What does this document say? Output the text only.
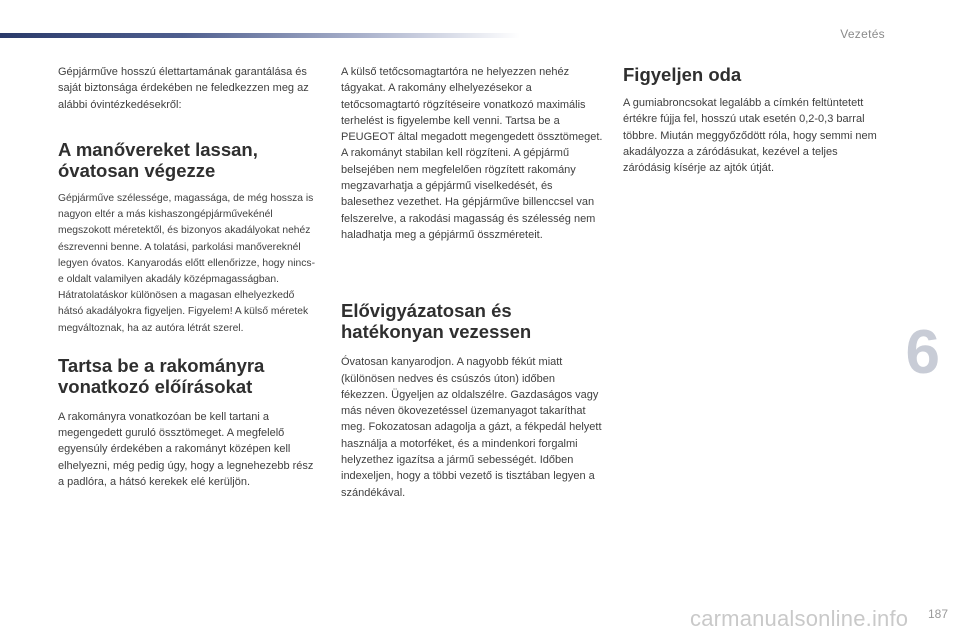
Vezetés

Gépjárműve hosszú élettartamának garantálása és saját biztonsága érdekében ne feledkezzen meg az alábbi óvintézkedésekről:

A manővereket lassan,
óvatosan végezze

Gépjárműve szélessége, magassága, de még hossza is nagyon eltér a más kishaszongépjárművekénél megszokott méretektől, és bizonyos akadályokat nehéz észrevenni benne. A tolatási, parkolási manővereknél legyen óvatos. Kanyarodás előtt ellenőrizze, hogy nincs-e oldalt valamilyen akadály középmagasságban. Hátratolatáskor különösen a magasan elhelyezkedő hátsó akadályokra figyeljen. Figyelem! A külső méretek megváltoznak, ha az autóra létrát szerel.

Tartsa be a rakományra
vonatkozó előírásokat

A rakományra vonatkozóan be kell tartani a megengedett guruló össztömeget. A megfelelő egyensúly érdekében a rakományt középen kell elhelyezni, még pedig úgy, hogy a legnehezebb rész a padlóra, a hátsó kerekek elé kerüljön.

A külső tetőcsomagtartóra ne helyezzen nehéz tágyakat. A rakomány elhelyezésekor a tetőcsomagtartó rögzítéseire vonatkozó maximális terhelést is figyelembe kell venni. Tartsa be a PEUGEOT által megadott megengedett össztömeget. A rakományt stabilan kell rögzíteni. A gépjármű belsejében nem megfelelően rögzített rakomány megzavarhatja a gépjármű viselkedését, és balesethez vezethet. Ha gépjárműve billenccsel van felszerelve, a rakodási magasság és szélesség nem haladhatja meg a gépjármű összméreteit.

Elővigyázatosan és
hatékonyan vezessen

Óvatosan kanyarodjon. A nagyobb fékút miatt (különösen nedves és csúszós úton) időben fékezzen. Ügyeljen az oldalszélre. Gazdaságos vagy más néven ökovezetéssel üzemanyagot takaríthat meg. Fokozatosan adagolja a gázt, a fékpedál helyett használja a motorféket, és a mindenkori forgalmi helyzethez igazítsa a jármű sebességét. Időben indexeljen, hogy a többi vezető is tisztában legyen a szándékával.

Figyeljen oda

A gumiabroncsokat legalább a címkén feltüntetett értékre fújja fel, hosszú utak esetén 0,2-0,3 barral többre. Miután meggyőződött róla, hogy semmi nem akadályozza a záródásukat, kezével a teljes záródásig kísérje az ajtók útját.

6
carmanualsonline.info 187
